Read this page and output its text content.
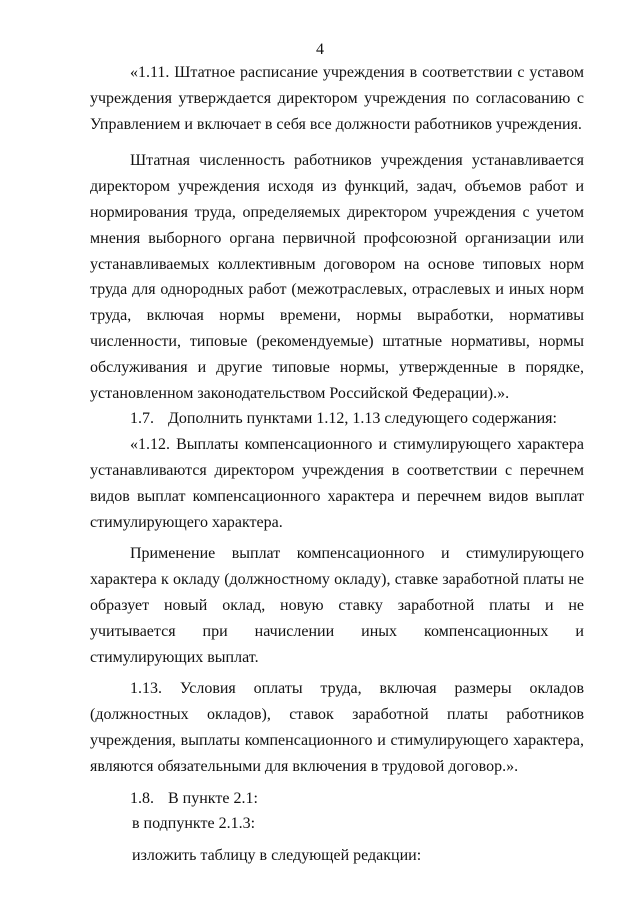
4

«1.11. Штатное расписание учреждения в соответствии с уставом учреждения утверждается директором учреждения по согласованию с Управлением и включает в себя все должности работников учреждения.

Штатная численность работников учреждения устанавливается директором учреждения исходя из функций, задач, объемов работ и нормирования труда, определяемых директором учреждения с учетом мнения выборного органа первичной профсоюзной организации или устанавливаемых коллективным договором на основе типовых норм труда для однородных работ (межотраслевых, отраслевых и иных норм труда, включая нормы времени, нормы выработки, нормативы численности, типовые (рекомендуемые) штатные нормативы, нормы обслуживания и другие типовые нормы, утвержденные в порядке, установленном законодательством Российской Федерации).».

1.7. Дополнить пунктами 1.12, 1.13 следующего содержания:

«1.12. Выплаты компенсационного и стимулирующего характера устанавливаются директором учреждения в соответствии с перечнем видов выплат компенсационного характера и перечнем видов выплат стимулирующего характера.

Применение выплат компенсационного и стимулирующего характера к окладу (должностному окладу), ставке заработной платы не образует новый оклад, новую ставку заработной платы и не учитывается при начислении иных компенсационных и стимулирующих выплат.

1.13. Условия оплаты труда, включая размеры окладов (должностных окладов), ставок заработной платы работников учреждения, выплаты компенсационного и стимулирующего характера, являются обязательными для включения в трудовой договор.».

1.8. В пункте 2.1:

в подпункте 2.1.3:

изложить таблицу в следующей редакции:
